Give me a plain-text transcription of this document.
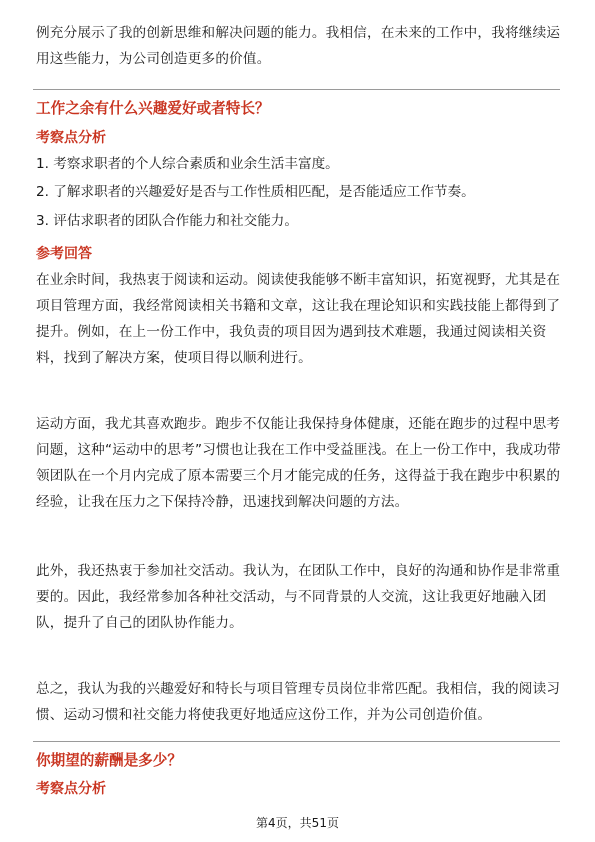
例充分展示了我的创新思维和解决问题的能力。我相信，在未来的工作中，我将继续运用这些能力，为公司创造更多的价值。

工作之余有什么兴趣爱好或者特长？

考察点分析

1. 考察求职者的个人综合素质和业余生活丰富度。

2. 了解求职者的兴趣爱好是否与工作性质相匹配，是否能适应工作节奏。

3. 评估求职者的团队合作能力和社交能力。

参考回答

在业余时间，我热衷于阅读和运动。阅读使我能够不断丰富知识，拓宽视野，尤其是在项目管理方面，我经常阅读相关书籍和文章，这让我在理论知识和实践技能上都得到了提升。例如，在上一份工作中，我负责的项目因为遇到技术难题，我通过阅读相关资料，找到了解决方案，使项目得以顺利进行。

运动方面，我尤其喜欢跑步。跑步不仅能让我保持身体健康，还能在跑步的过程中思考问题，这种“运动中的思考”习惯也让我在工作中受益匪浅。在上一份工作中，我成功带领团队在一个月内完成了原本需要三个月才能完成的任务，这得益于我在跑步中积累的经验，让我在压力之下保持冷静，迅速找到解决问题的方法。

此外，我还热衷于参加社交活动。我认为，在团队工作中，良好的沟通和协作是非常重要的。因此，我经常参加各种社交活动，与不同背景的人交流，这让我更好地融入团队，提升了自己的团队协作能力。

总之，我认为我的兴趣爱好和特长与项目管理专员岗位非常匹配。我相信，我的阅读习惯、运动习惯和社交能力将使我更好地适应这份工作，并为公司创造价值。

你期望的薪酬是多少？

考察点分析

第4页，共51页
